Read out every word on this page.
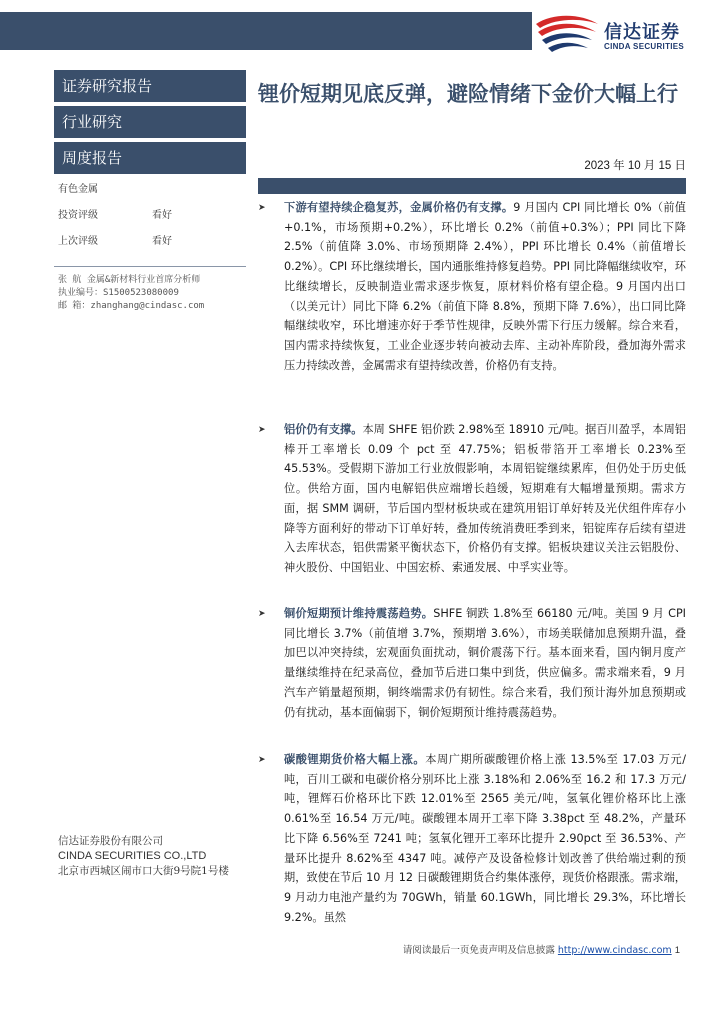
信达证券
CINDA SECURITIES
证券研究报告
行业研究
周度报告
有色金属
投资评级	看好
上次评级	看好
张 航 金属&新材料行业首席分析师
执业编号：S1500523080009
邮 箱：zhanghang@cindasc.com
信达证券股份有限公司
CINDA SECURITIES CO.,LTD
北京市西城区闹市口大街9号院1号楼
锂价短期见底反弹，避险情绪下金价大幅上行
2023 年 10 月 15 日
➤ 下游有望持续企稳复苏，金属价格仍有支撑。9 月国内 CPI 同比增长 0%（前值+0.1%，市场预期+0.2%），环比增长 0.2%（前值+0.3%）；PPI 同比下降 2.5%（前值降 3.0%、市场预期降 2.4%），PPI 环比增长 0.4%（前值增长 0.2%）。CPI 环比继续增长，国内通胀维持修复趋势。PPI 同比降幅继续收窄，环比继续增长，反映制造业需求逐步恢复，原材料价格有望企稳。9 月国内出口（以美元计）同比下降 6.2%（前值下降 8.8%，预期下降 7.6%），出口同比降幅继续收窄，环比增速亦好于季节性规律，反映外需下行压力缓解。综合来看，国内需求持续恢复，工业企业逐步转向被动去库、主动补库阶段，叠加海外需求压力持续改善，金属需求有望持续改善，价格仍有支持。
➤ 铝价仍有支撑。本周 SHFE 铝价跌 2.98%至 18910 元/吨。据百川盈孚，本周铝棒开工率增长 0.09 个 pct 至 47.75%；铝板带箔开工率增长 0.23%至 45.53%。受假期下游加工行业放假影响，本周铝锭继续累库，但仍处于历史低位。供给方面，国内电解铝供应端增长趋缓，短期难有大幅增量预期。需求方面，据 SMM 调研，节后国内型材板块或在建筑用铝订单好转及光伏组件库存小降等方面利好的带动下订单好转，叠加传统消费旺季到来，铝锭库存后续有望进入去库状态，铝供需紧平衡状态下，价格仍有支撑。铝板块建议关注云铝股份、神火股份、中国铝业、中国宏桥、索通发展、中孚实业等。
➤ 铜价短期预计维持震荡趋势。SHFE 铜跌 1.8%至 66180 元/吨。美国 9 月 CPI 同比增长 3.7%（前值增 3.7%，预期增 3.6%），市场美联储加息预期升温，叠加巴以冲突持续，宏观面负面扰动，铜价震荡下行。基本面来看，国内铜月度产量继续维持在纪录高位，叠加节后进口集中到货，供应偏多。需求端来看，9 月汽车产销量超预期，铜终端需求仍有韧性。综合来看，我们预计海外加息预期或仍有扰动，基本面偏弱下，铜价短期预计维持震荡趋势。
➤ 碳酸锂期货价格大幅上涨。本周广期所碳酸锂价格上涨 13.5%至 17.03 万元/吨，百川工碳和电碳价格分别环比上涨 3.18%和 2.06%至 16.2 和 17.3 万元/吨，锂辉石价格环比下跌 12.01%至 2565 美元/吨，氢氧化锂价格环比上涨 0.61%至 16.54 万元/吨。碳酸锂本周开工率下降 3.38pct 至 48.2%，产量环比下降 6.56%至 7241 吨；氢氧化锂开工率环比提升 2.90pct 至 36.53%、产量环比提升 8.62%至 4347 吨。减停产及设备检修计划改善了供给端过剩的预期，致使在节后 10 月 12 日碳酸锂期货合约集体涨停，现货价格跟涨。需求端，9 月动力电池产量约为 70GWh，销量 60.1GWh，同比增长 29.3%，环比增长 9.2%。虽然
请阅读最后一页免责声明及信息披露 http://www.cindasc.com 1
